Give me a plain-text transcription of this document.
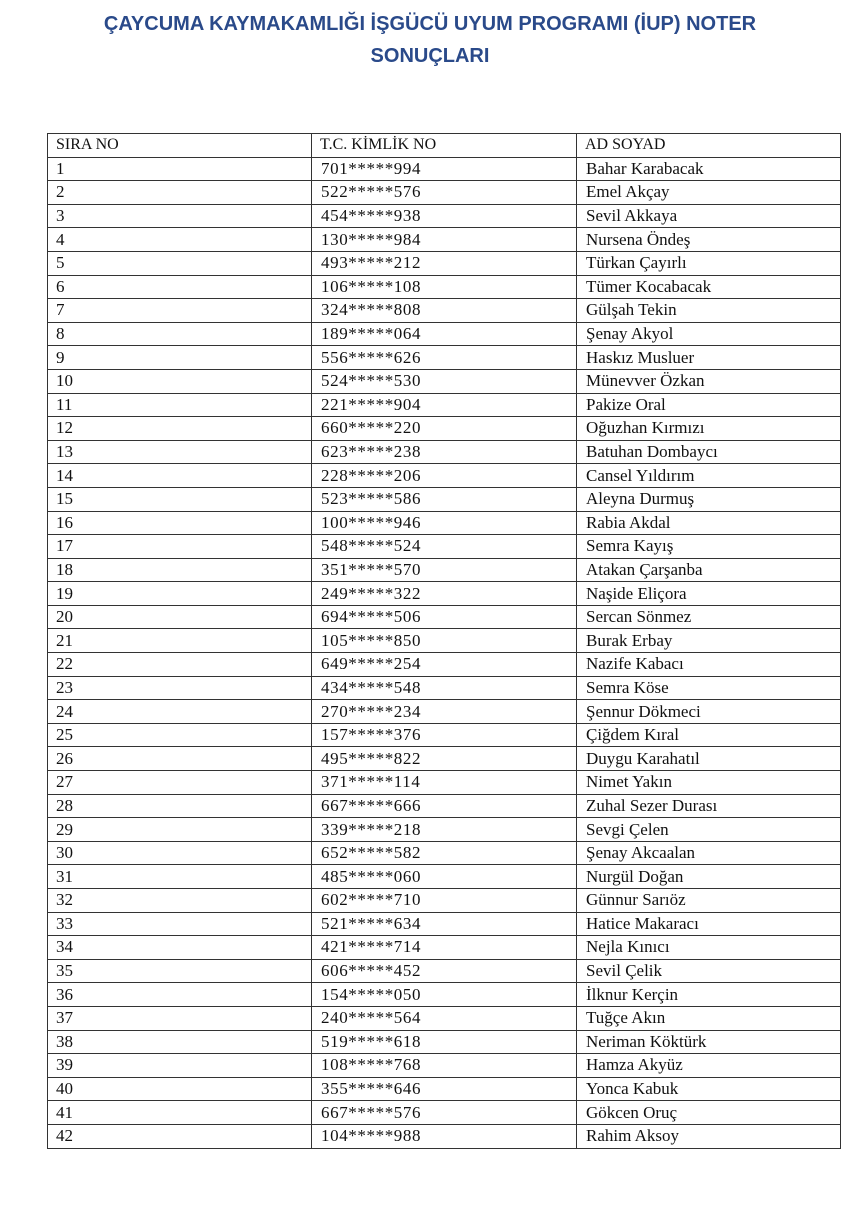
ÇAYCUMA KAYMAKAMLIĞI İŞGÜCÜ UYUM PROGRAMI (İUP) NOTER
SONUÇLARI
SIRA NO	T.C. KİMLİK NO	AD SOYAD
1	701*****994	Bahar Karabacak
2	522*****576	Emel Akçay
3	454*****938	Sevil Akkaya
4	130*****984	Nursena Öndeş
5	493*****212	Türkan Çayırlı
6	106*****108	Tümer Kocabacak
7	324*****808	Gülşah Tekin
8	189*****064	Şenay Akyol
9	556*****626	Haskız Musluer
10	524*****530	Münevver Özkan
11	221*****904	Pakize Oral
12	660*****220	Oğuzhan Kırmızı
13	623*****238	Batuhan Dombaycı
14	228*****206	Cansel Yıldırım
15	523*****586	Aleyna Durmuş
16	100*****946	Rabia Akdal
17	548*****524	Semra Kayış
18	351*****570	Atakan Çarşanba
19	249*****322	Naşide Eliçora
20	694*****506	Sercan Sönmez
21	105*****850	Burak Erbay
22	649*****254	Nazife Kabacı
23	434*****548	Semra Köse
24	270*****234	Şennur Dökmeci
25	157*****376	Çiğdem Kıral
26	495*****822	Duygu Karahatıl
27	371*****114	Nimet Yakın
28	667*****666	Zuhal Sezer Durası
29	339*****218	Sevgi Çelen
30	652*****582	Şenay Akcaalan
31	485*****060	Nurgül Doğan
32	602*****710	Günnur Sarıöz
33	521*****634	Hatice Makaracı
34	421*****714	Nejla Kınıcı
35	606*****452	Sevil Çelik
36	154*****050	İlknur Kerçin
37	240*****564	Tuğçe Akın
38	519*****618	Neriman Köktürk
39	108*****768	Hamza Akyüz
40	355*****646	Yonca Kabuk
41	667*****576	Gökcen Oruç
42	104*****988	Rahim Aksoy
